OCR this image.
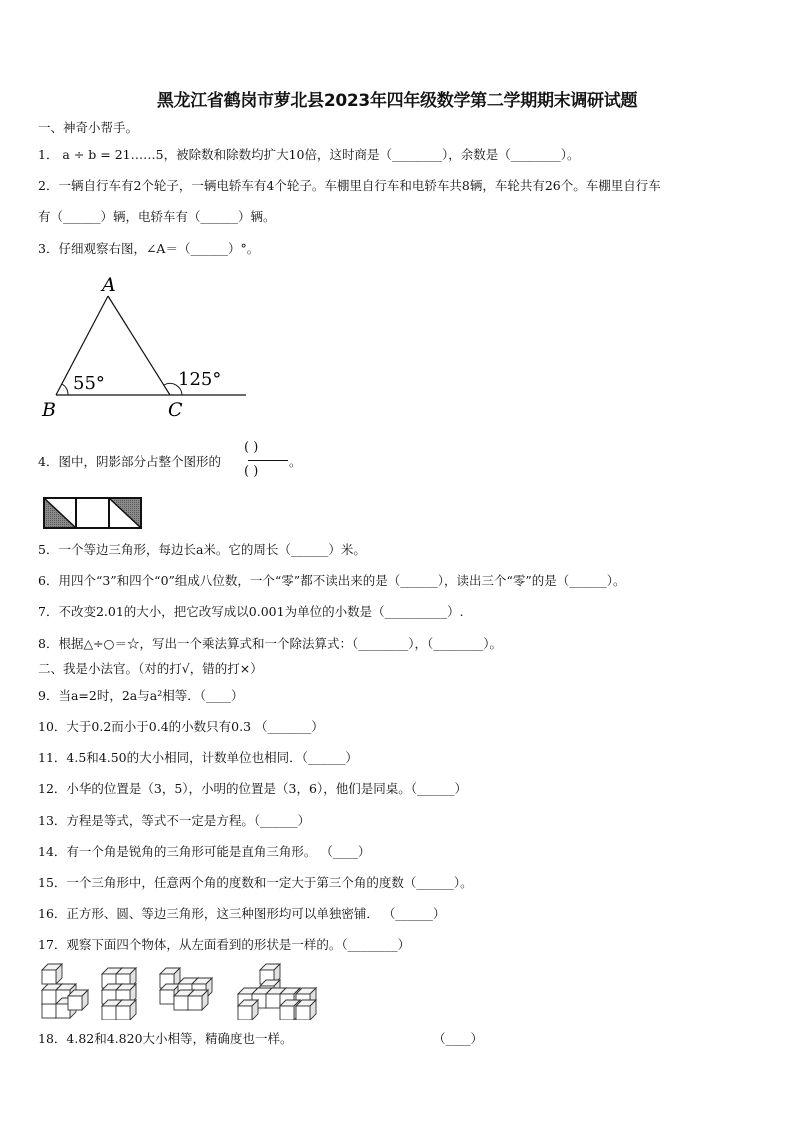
黑龙江省鹤岗市萝北县2023年四年级数学第二学期期末调研试题
一、神奇小帮手。
1． a ÷ b = 21……5，被除数和除数均扩大10倍，这时商是（________），余数是（________）。
2．一辆自行车有2个轮子，一辆电轿车有4个轮子。车棚里自行车和电轿车共8辆，车轮共有26个。车棚里自行车
有（______）辆，电轿车有（______）辆。
3．仔细观察右图，∠A＝（______）°。
A
B	C
55°	125°
4．图中，阴影部分占整个图形的
( )
( )
。
5．一个等边三角形，每边长a米。它的周长（______）米。
6．用四个“3”和四个“0”组成八位数，一个“零”都不读出来的是（______），读出三个“零”的是（______）。
7．不改变2.01的大小，把它改写成以0.001为单位的小数是（__________）.
8．根据△÷○＝☆，写出一个乘法算式和一个除法算式：（________），（________）。
二、我是小法官。（对的打√，错的打×）
9．当a=2时，2a与a²相等．（____）
10．大于0.2而小于0.4的小数只有0.3 （_______）
11．4.5和4.50的大小相同，计数单位也相同．（______）
12．小华的位置是（3，5），小明的位置是（3，6），他们是同桌。（______）
13．方程是等式，等式不一定是方程。（______）
14．有一个角是锐角的三角形可能是直角三角形。 （____）
15．一个三角形中，任意两个角的度数和一定大于第三个角的度数（______）。
16．正方形、圆、等边三角形，这三种图形均可以单独密铺． （______）
17．观察下面四个物体，从左面看到的形状是一样的。（________）
18．4.82和4.820大小相等，精确度也一样。	（____）
